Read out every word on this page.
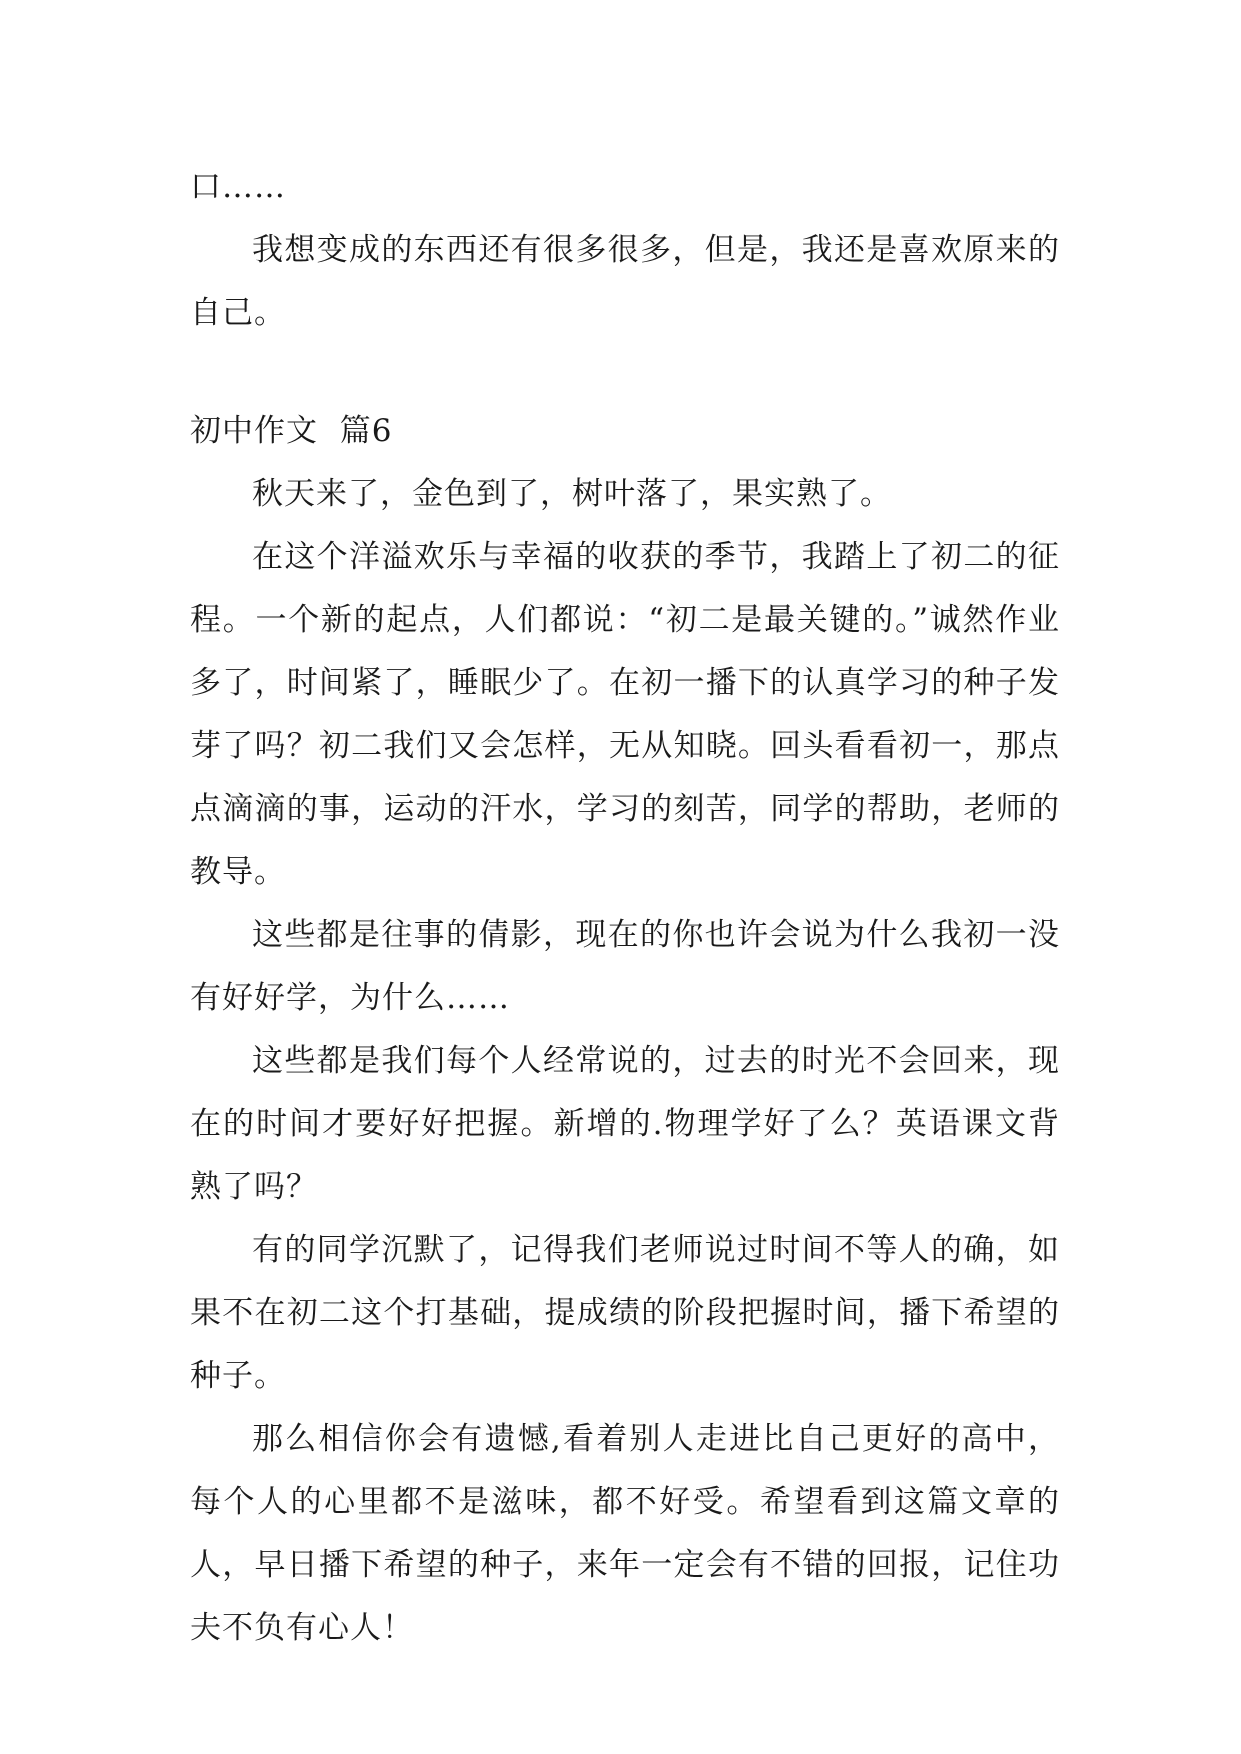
口……

我想变成的东西还有很多很多，但是，我还是喜欢原来的自己。

初中作文  篇6

秋天来了，金色到了，树叶落了，果实熟了。

在这个洋溢欢乐与幸福的收获的季节，我踏上了初二的征程。一个新的起点，人们都说：“初二是最关键的。”诚然作业多了，时间紧了，睡眠少了。在初一播下的认真学习的种子发芽了吗？初二我们又会怎样，无从知晓。回头看看初一，那点点滴滴的事，运动的汗水，学习的刻苦，同学的帮助，老师的教导。

这些都是往事的倩影，现在的你也许会说为什么我初一没有好好学，为什么……

这些都是我们每个人经常说的，过去的时光不会回来，现在的时间才要好好把握。新增的.物理学好了么？英语课文背熟了吗？

有的同学沉默了，记得我们老师说过时间不等人的确，如果不在初二这个打基础，提成绩的阶段把握时间，播下希望的种子。

那么相信你会有遗憾,看着别人走进比自己更好的高中，每个人的心里都不是滋味，都不好受。希望看到这篇文章的人，早日播下希望的种子，来年一定会有不错的回报，记住功夫不负有心人！
